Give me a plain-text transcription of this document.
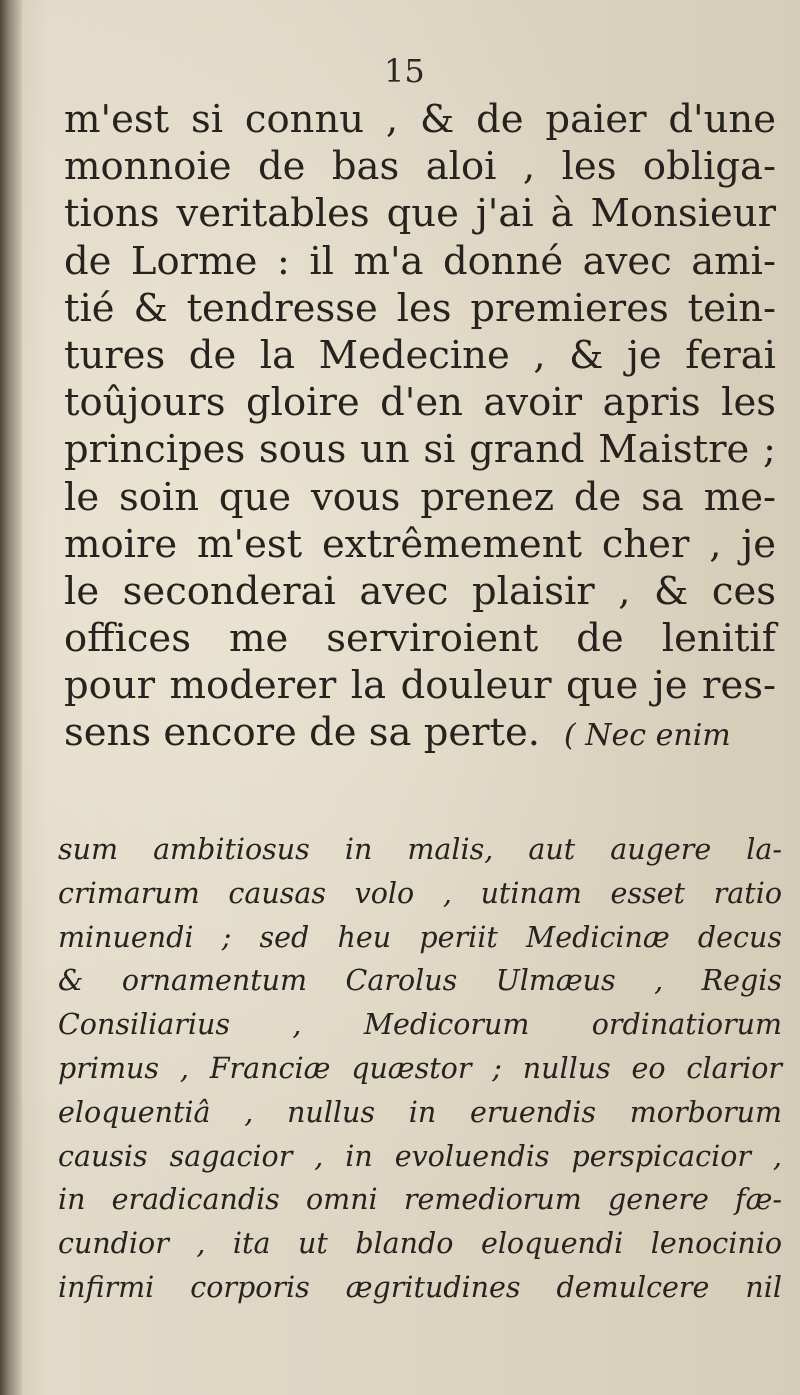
15
m'est si connu , & de paier d'une
monnoie de bas aloi , les obliga-
tions veritables que j'ai à Monsieur
de Lorme : il m'a donné avec ami-
tié & tendresse les premieres tein-
tures de la Medecine , & je ferai
toûjours gloire d'en avoir apris les
principes sous un si grand Maistre ;
le soin que vous prenez de sa me-
moire m'est extrêmement cher , je
le seconderai avec plaisir , & ces
offices me serviroient de lenitif
pour moderer la douleur que je res-
sens encore de sa perte. ( Nec enim
sum ambitiosus in malis, aut augere la-
crimarum causas volo , utinam esset ratio
minuendi ; sed heu periit Medicinæ decus
& ornamentum Carolus Ulmæus , Regis
Consiliarius , Medicorum ordinatiorum
primus , Franciæ quæstor ; nullus eo clarior
eloquentiâ , nullus in eruendis morborum
causis sagacior , in evoluendis perspicacior ,
in eradicandis omni remediorum genere fæ-
cundior , ita ut blando eloquendi lenocinio
infirmi corporis ægritudines demulcere nil
